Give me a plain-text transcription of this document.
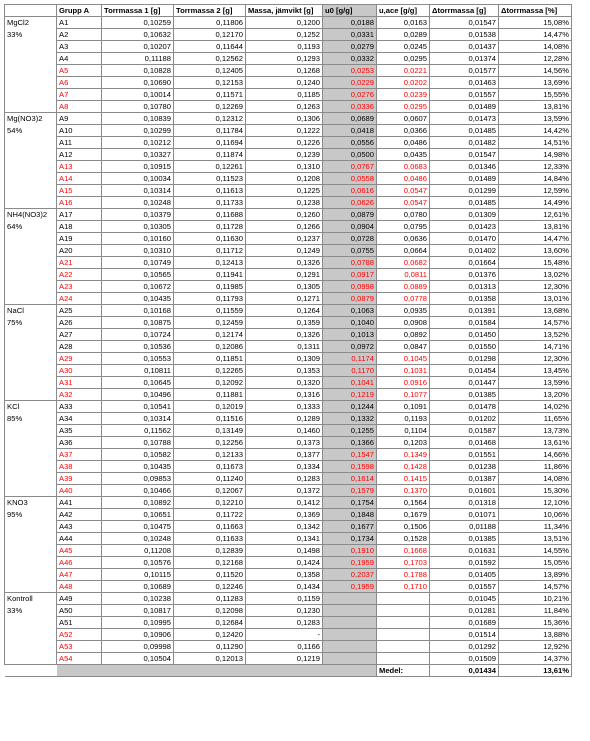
	Grupp A	Torrmassa 1 [g]	Torrmassa 2 [g]	Massa, jämvikt [g]	u0 [g/g]	u,ace [g/g]	Δtorrmassa [g]	Δtorrmassa [%]

MgCl2	A1	0,10259	0,11806	0,1200	0,0188	0,0163	0,01547	15,08%

33%	A2	0,10632	0,12170	0,1252	0,0331	0,0289	0,01538	14,47%
	A3	0,10207	0,11644	0,1193	0,0279	0,0245	0,01437	14,08%
	A4	0,11188	0,12562	0,1293	0,0332	0,0295	0,01374	12,28%
	A5	0,10828	0,12405	0,1268	0,0253	0,0221	0,01577	14,56%
	A6	0,10690	0,12153	0,1240	0,0229	0,0202	0,01463	13,69%
	A7	0,10014	0,11571	0,1185	0,0276	0,0239	0,01557	15,55%
	A8	0,10780	0,12269	0,1263	0,0336	0,0295	0,01489	13,81%

Mg(NO3)2	A9	0,10839	0,12312	0,1306	0,0689	0,0607	0,01473	13,59%

54%	A10	0,10299	0,11784	0,1222	0,0418	0,0366	0,01485	14,42%
	A11	0,10212	0,11694	0,1226	0,0556	0,0486	0,01482	14,51%
	A12	0,10327	0,11874	0,1239	0,0500	0,0435	0,01547	14,98%
	A13	0,10915	0,12261	0,1310	0,0767	0,0683	0,01346	12,33%
	A14	0,10034	0,11523	0,1208	0,0558	0,0486	0,01489	14,84%
	A15	0,10314	0,11613	0,1225	0,0616	0,0547	0,01299	12,59%
	A16	0,10248	0,11733	0,1238	0,0626	0,0547	0,01485	14,49%

NH4(NO3)2	A17	0,10379	0,11688	0,1260	0,0879	0,0780	0,01309	12,61%

64%	A18	0,10305	0,11728	0,1266	0,0904	0,0795	0,01423	13,81%
	A19	0,10160	0,11630	0,1237	0,0728	0,0636	0,01470	14,47%
	A20	0,10310	0,11712	0,1249	0,0755	0,0664	0,01402	13,60%
	A21	0,10749	0,12413	0,1326	0,0788	0,0682	0,01664	15,48%
	A22	0,10565	0,11941	0,1291	0,0917	0,0811	0,01376	13,02%
	A23	0,10672	0,11985	0,1305	0,0998	0,0889	0,01313	12,30%
	A24	0,10435	0,11793	0,1271	0,0879	0,0778	0,01358	13,01%

NaCl	A25	0,10168	0,11559	0,1264	0,1063	0,0935	0,01391	13,68%

75%	A26	0,10875	0,12459	0,1359	0,1040	0,0908	0,01584	14,57%
	A27	0,10724	0,12174	0,1326	0,1013	0,0892	0,01450	13,52%
	A28	0,10536	0,12086	0,1311	0,0972	0,0847	0,01550	14,71%
	A29	0,10553	0,11851	0,1309	0,1174	0,1045	0,01298	12,30%
	A30	0,10811	0,12265	0,1353	0,1170	0,1031	0,01454	13,45%
	A31	0,10645	0,12092	0,1320	0,1041	0,0916	0,01447	13,59%
	A32	0,10496	0,11881	0,1316	0,1219	0,1077	0,01385	13,20%

KCl	A33	0,10541	0,12019	0,1333	0,1244	0,1091	0,01478	14,02%

85%	A34	0,10314	0,11516	0,1289	0,1332	0,1193	0,01202	11,65%
	A35	0,11562	0,13149	0,1460	0,1255	0,1104	0,01587	13,73%
	A36	0,10788	0,12256	0,1373	0,1366	0,1203	0,01468	13,61%
	A37	0,10582	0,12133	0,1377	0,1547	0,1349	0,01551	14,66%
	A38	0,10435	0,11673	0,1334	0,1598	0,1428	0,01238	11,86%
	A39	0,09853	0,11240	0,1283	0,1614	0,1415	0,01387	14,08%
	A40	0,10466	0,12067	0,1372	0,1579	0,1370	0,01601	15,30%

KNO3	A41	0,10892	0,12210	0,1412	0,1754	0,1564	0,01318	12,10%

95%	A42	0,10651	0,11722	0,1369	0,1848	0,1679	0,01071	10,06%
	A43	0,10475	0,11663	0,1342	0,1677	0,1506	0,01188	11,34%
	A44	0,10248	0,11633	0,1341	0,1734	0,1528	0,01385	13,51%
	A45	0,11208	0,12839	0,1498	0,1910	0,1668	0,01631	14,55%
	A46	0,10576	0,12168	0,1424	0,1959	0,1703	0,01592	15,05%
	A47	0,10115	0,11520	0,1358	0,2037	0,1788	0,01405	13,89%
	A48	0,10689	0,12246	0,1434	0,1959	0,1710	0,01557	14,57%

Kontroll	A49	0,10238	0,11283	0,1159			0,01045	10,21%

33%	A50	0,10817	0,12098	0,1230			0,01281	11,84%
	A51	0,10995	0,12684	0,1283			0,01689	15,36%
	A52	0,10906	0,12420	-			0,01514	13,88%
	A53	0,09998	0,11290	0,1166			0,01292	12,92%
	A54	0,10504	0,12013	0,1219			0,01509	14,37%
						Medel:	0,01434	13,61%
